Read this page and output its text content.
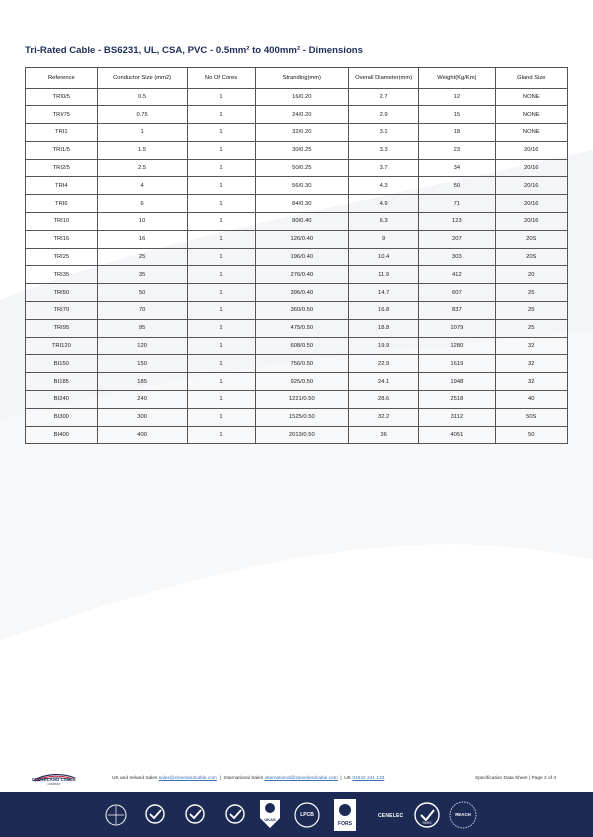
Tri-Rated Cable - BS6231, UL, CSA, PVC - 0.5mm² to 400mm² - Dimensions
Reference	Conductor Size (mm2)	No Of Cores	Stranding(mm)	Overall Diameter(mm)	Weight(Kg/Km)	Gland Size
TRI0/5	0.5	1	16/0.20	2.7	12	NONE
TRI/75	0.75	1	24/0.20	2.9	15	NONE
TRI1	1	1	32/0.20	3.1	18	NONE
TRI1/5	1.5	1	30/0.25	3.3	23	20/16
TRI2/5	2.5	1	50/0.25	3.7	34	20/16
TRI4	4	1	56/0.30	4.3	50	20/16
TRI6	6	1	84/0.30	4.9	71	20/16
TRI10	10	1	80/0.40	6.3	123	20/16
TRI16	16	1	126/0.40	9	207	20S
TRI25	25	1	196/0.40	10.4	303	20S
TRI35	35	1	276/0.40	11.9	412	20
TRI50	50	1	396/0.40	14.7	607	25
TRI70	70	1	360/0.50	16.8	837	25
TRI95	95	1	475/0.50	18.8	1079	25
TRI120	120	1	608/0.50	19.9	1280	32
BI150	150	1	756/0.50	22.9	1619	32
BI185	185	1	925/0.50	24.1	1948	32
BI240	240	1	1221/0.50	28.6	2518	40
BI300	300	1	1525/0.50	32.2	3112	50S
BI400	400	1	2013/0.50	36	4051	50
CLEVELAND CABLE
COMPANY
UK and Ireland Sales sales@clevelandcable.com | International Sales international@clevelandcable.com | UK 01642 241 133	Specification Data Sheet | Page 2 of 4
UKAS
LPCB
FORS
CENELEC
RoHS
REACH
